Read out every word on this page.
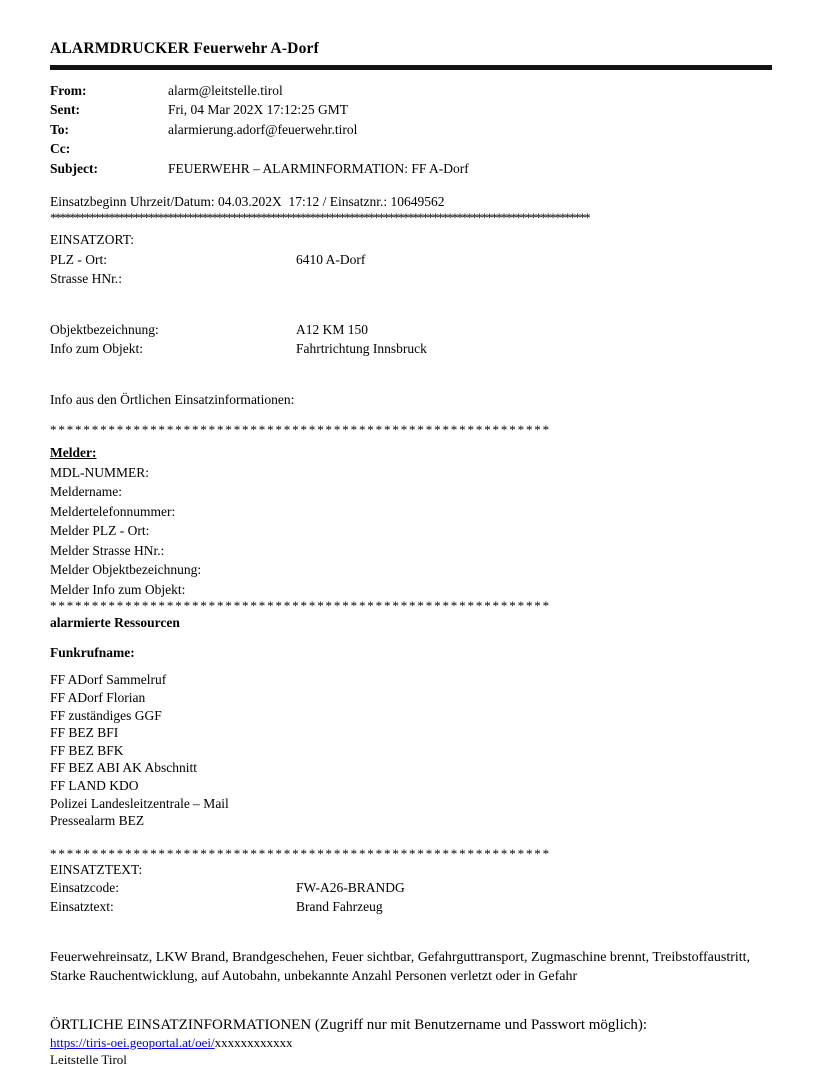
ALARMDRUCKER Feuerwehr A-Dorf
From:	alarm@leitstelle.tirol
Sent:	Fri, 04 Mar 202X 17:12:25 GMT
To:	alarmierung.adorf@feuerwehr.tirol
Cc:
Subject:	FEUERWEHR – ALARMINFORMATION: FF A-Dorf
Einsatzbeginn Uhrzeit/Datum: 04.03.202X  17:12 / Einsatznr.: 10649562
**************************************************************************************************************
EINSATZORT:
PLZ - Ort:	6410 A-Dorf
Strasse HNr.:
Objektbezeichnung:	A12 KM 150
Info zum Objekt:	Fahrtrichtung Innsbruck
Info aus den Örtlichen Einsatzinformationen:
* * * * * * * * * * * * * * * * * * * * * * * * * * * * * * * * * * * * * * * * * * * * * * * * * * * * * * * * * * * *
Melder:
MDL-NUMMER:
Meldername:
Meldertelefonnummer:
Melder PLZ - Ort:
Melder Strasse HNr.:
Melder Objektbezeichnung:
Melder Info zum Objekt:
* * * * * * * * * * * * * * * * * * * * * * * * * * * * * * * * * * * * * * * * * * * * * * * * * * * * * * * * * * * *
alarmierte Ressourcen
Funkrufname:
FF ADorf Sammelruf
FF ADorf Florian
FF zuständiges GGF
FF BEZ BFI
FF BEZ BFK
FF BEZ ABI AK Abschnitt
FF LAND KDO
Polizei Landesleitzentrale – Mail
Pressealarm BEZ
* * * * * * * * * * * * * * * * * * * * * * * * * * * * * * * * * * * * * * * * * * * * * * * * * * * * * * * * * * * *
EINSATZTEXT:
Einsatzcode:	FW-A26-BRANDG
Einsatztext:	Brand Fahrzeug
Feuerwehreinsatz, LKW Brand, Brandgeschehen, Feuer sichtbar, Gefahrguttransport, Zugmaschine brennt, Treibstoffaustritt, Starke Rauchentwicklung, auf Autobahn, unbekannte Anzahl Personen verletzt oder in Gefahr
ÖRTLICHE EINSATZINFORMATIONEN (Zugriff nur mit Benutzername und Passwort möglich):
https://tiris-oei.geoportal.at/oei/xxxxxxxxxxxx
Leitstelle Tirol
